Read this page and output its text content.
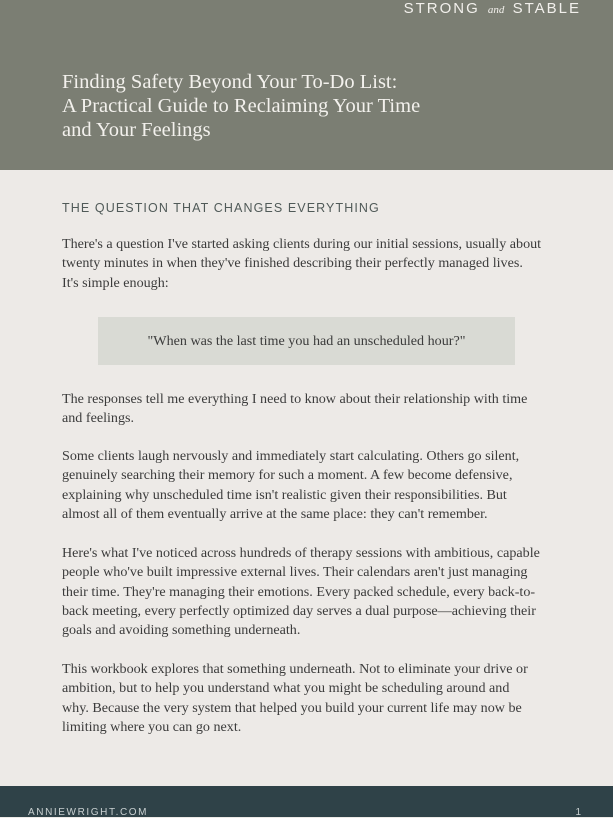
STRONG and STABLE
Finding Safety Beyond Your To-Do List:
A Practical Guide to Reclaiming Your Time
and Your Feelings
THE QUESTION THAT CHANGES EVERYTHING

There's a question I've started asking clients during our initial sessions, usually about
twenty minutes in when they've finished describing their perfectly managed lives.
It's simple enough:

"When was the last time you had an unscheduled hour?"

The responses tell me everything I need to know about their relationship with time
and feelings.

Some clients laugh nervously and immediately start calculating. Others go silent,
genuinely searching their memory for such a moment. A few become defensive,
explaining why unscheduled time isn't realistic given their responsibilities. But
almost all of them eventually arrive at the same place: they can't remember.

Here's what I've noticed across hundreds of therapy sessions with ambitious, capable
people who've built impressive external lives. Their calendars aren't just managing
their time. They're managing their emotions. Every packed schedule, every back-to-
back meeting, every perfectly optimized day serves a dual purpose—achieving their
goals and avoiding something underneath.

This workbook explores that something underneath. Not to eliminate your drive or
ambition, but to help you understand what you might be scheduling around and
why. Because the very system that helped you build your current life may now be
limiting where you can go next.

ANNIEWRIGHT.COM	1
